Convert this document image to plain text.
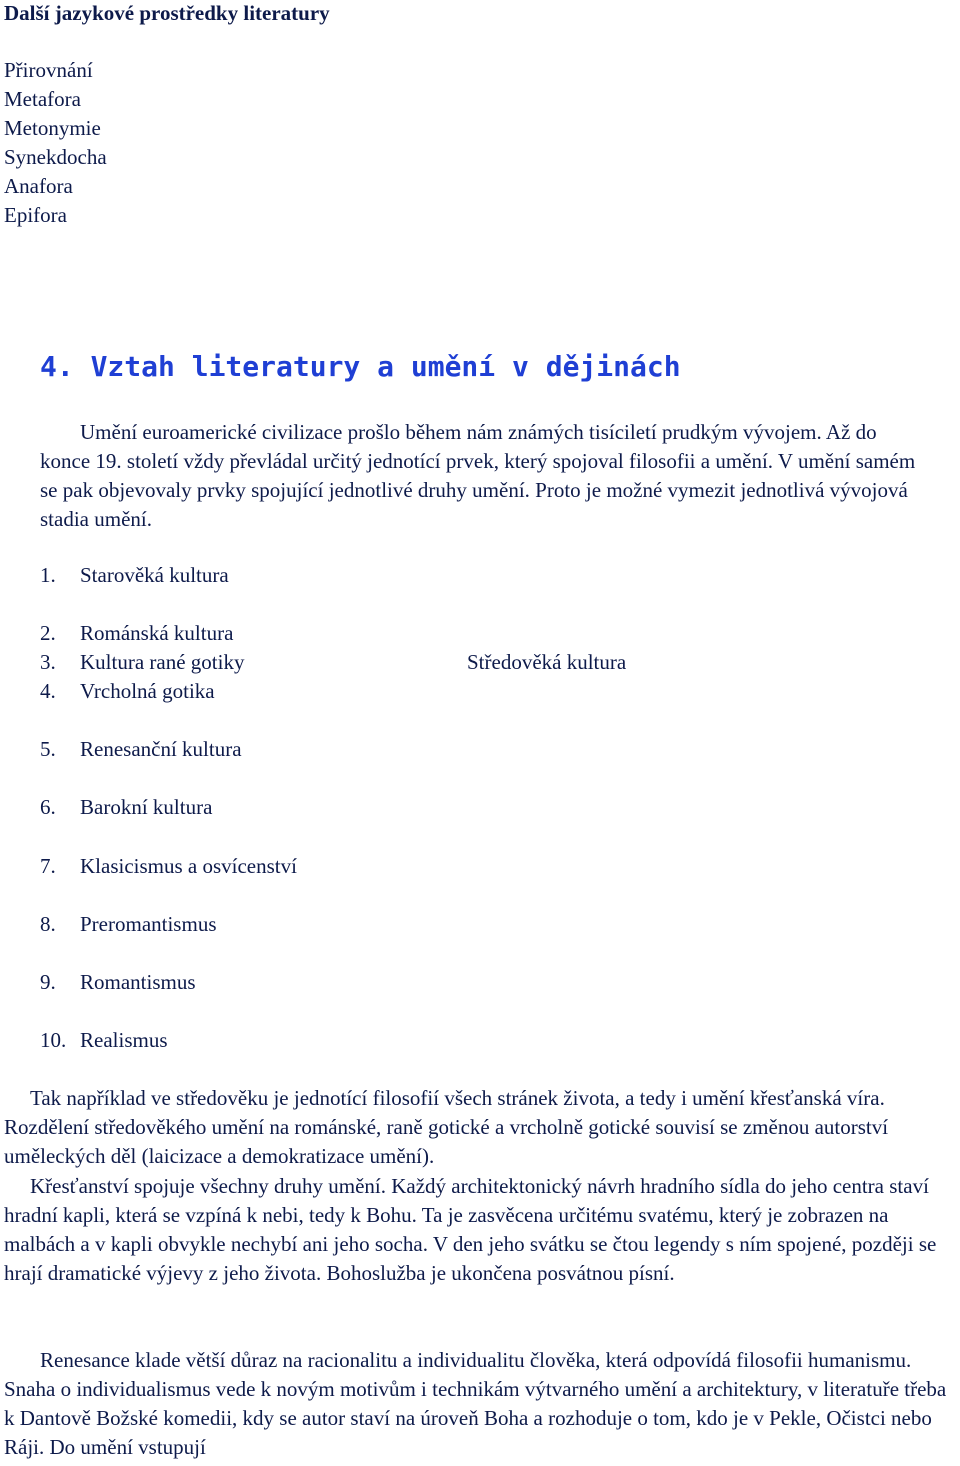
Další jazykové prostředky literatury
Přirovnání
Metafora
Metonymie
Synekdocha
Anafora
Epifora
4. Vztah literatury a umění v dějinách

Umění euroamerické civilizace prošlo během nám známých tisíciletí prudkým vývojem. Až do konce 19. století vždy převládal určitý jednotící prvek, který spojoval filosofii a umění. V umění samém se pak objevovaly prvky spojující jednotlivé druhy umění. Proto je možné vymezit jednotlivá vývojová stadia umění.

1. Starověká kultura
2. Románská kultura
3. Kultura rané gotiky
4. Vrcholná gotika
5. Renesanční kultura
6. Barokní kultura
7. Klasicismus a osvícenství
8. Preromantismus
9. Romantismus
10. Realismus
Středověká kultura

Tak například ve středověku je jednotící filosofií všech stránek života, a tedy i umění křesťanská víra. Rozdělení středověkého umění na románské, raně gotické a vrcholně gotické souvisí se změnou autorství uměleckých děl (laicizace a demokratizace umění).

Křesťanství spojuje všechny druhy umění. Každý architektonický návrh hradního sídla do jeho centra staví hradní kapli, která se vzpíná k nebi, tedy k Bohu. Ta je zasvěcena určitému svatému, který je zobrazen na malbách a v kapli obvykle nechybí ani jeho socha. V den jeho svátku se čtou legendy s ním spojené, později se hrají dramatické výjevy z jeho života. Bohoslužba je ukončena posvátnou písní.

Renesance klade větší důraz na racionalitu a individualitu člověka, která odpovídá filosofii humanismu. Snaha o individualismus vede k novým motivům i technikám výtvarného umění a architektury, v literatuře třeba k Dantově Božské komedii, kdy se autor staví na úroveň Boha a rozhoduje o tom, kdo je v Pekle, Očistci nebo Ráji. Do umění vstupují
